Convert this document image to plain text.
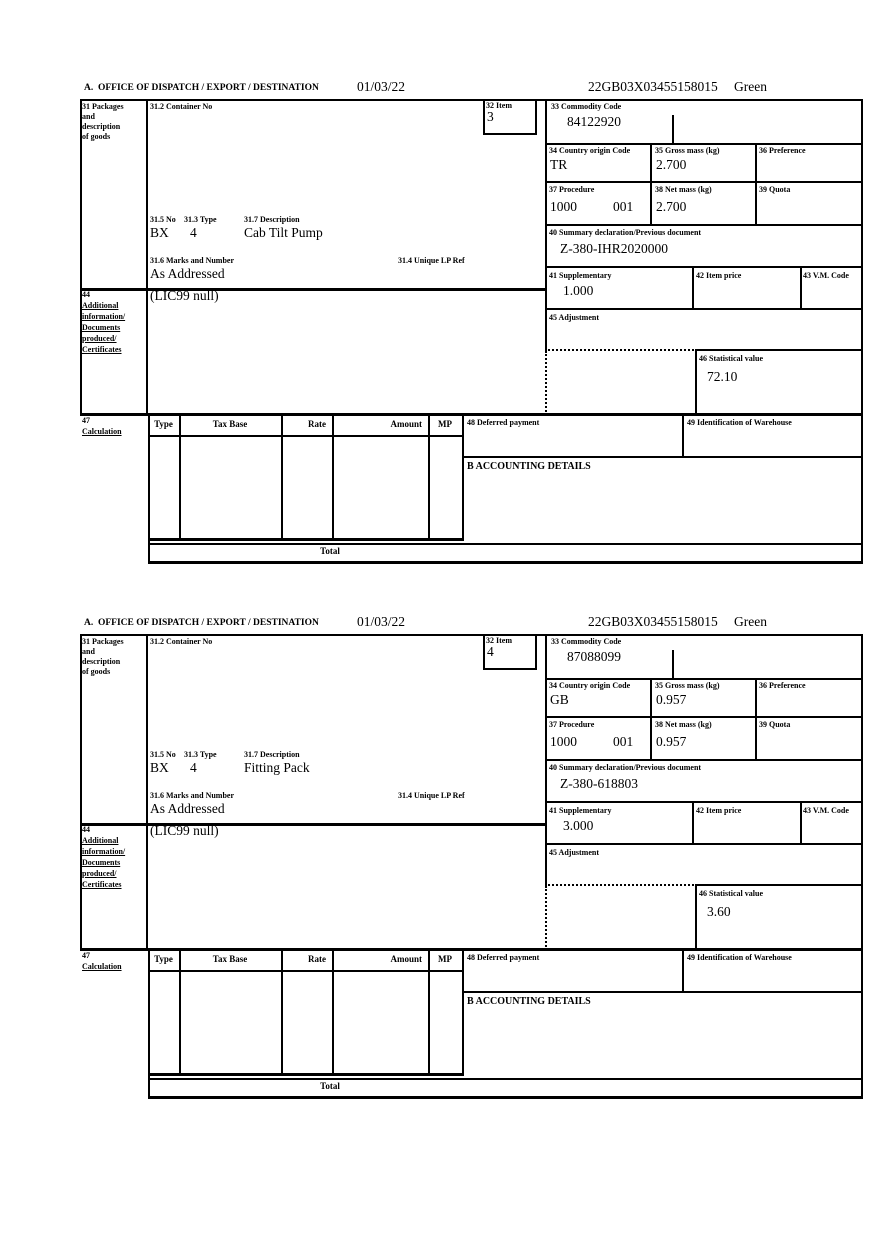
A.  OFFICE OF DISPATCH / EXPORT / DESTINATION	01/03/22	22GB03X03455158015 Green
31 Packages
and
description
of goods
31.2 Container No	32 Item
3
33 Commodity Code
84122920
34 Country origin Code	35 Gross mass (kg)	36 Preference
TR	2.700
37 Procedure	38 Net mass (kg)	39 Quota
1000	001 2.700
40 Summary declaration/Previous document
Z-380-IHR2020000
41 Supplementary	42 Item price	43 V.M. Code
1.000
45 Adjustment
46 Statistical value
72.10
31.5 No 31.3 Type	31.7 Description
BX 4	Cab Tilt Pump
31.6 Marks and Number	31.4 Unique LP Ref
As Addressed
44
Additional
information/
Documents
produced/
Certificates
(LIC99 null)
47
Calculation
Type	Tax Base	Rate	Amount	MP	48 Deferred payment	49 Identification of Warehouse
B ACCOUNTING DETAILS
Total
A.  OFFICE OF DISPATCH / EXPORT / DESTINATION	01/03/22	22GB03X03455158015 Green
31 Packages
and
description
of goods
31.2 Container No	32 Item
4
33 Commodity Code
87088099
34 Country origin Code	35 Gross mass (kg)	36 Preference
GB	0.957
37 Procedure	38 Net mass (kg)	39 Quota
1000	001 0.957
40 Summary declaration/Previous document
Z-380-618803
41 Supplementary	42 Item price	43 V.M. Code
3.000
45 Adjustment
46 Statistical value
3.60
31.5 No 31.3 Type	31.7 Description
BX 4	Fitting Pack
31.6 Marks and Number	31.4 Unique LP Ref
As Addressed
44
Additional
information/
Documents
produced/
Certificates
(LIC99 null)
47
Calculation
Type	Tax Base	Rate	Amount	MP	48 Deferred payment	49 Identification of Warehouse
B ACCOUNTING DETAILS
Total
